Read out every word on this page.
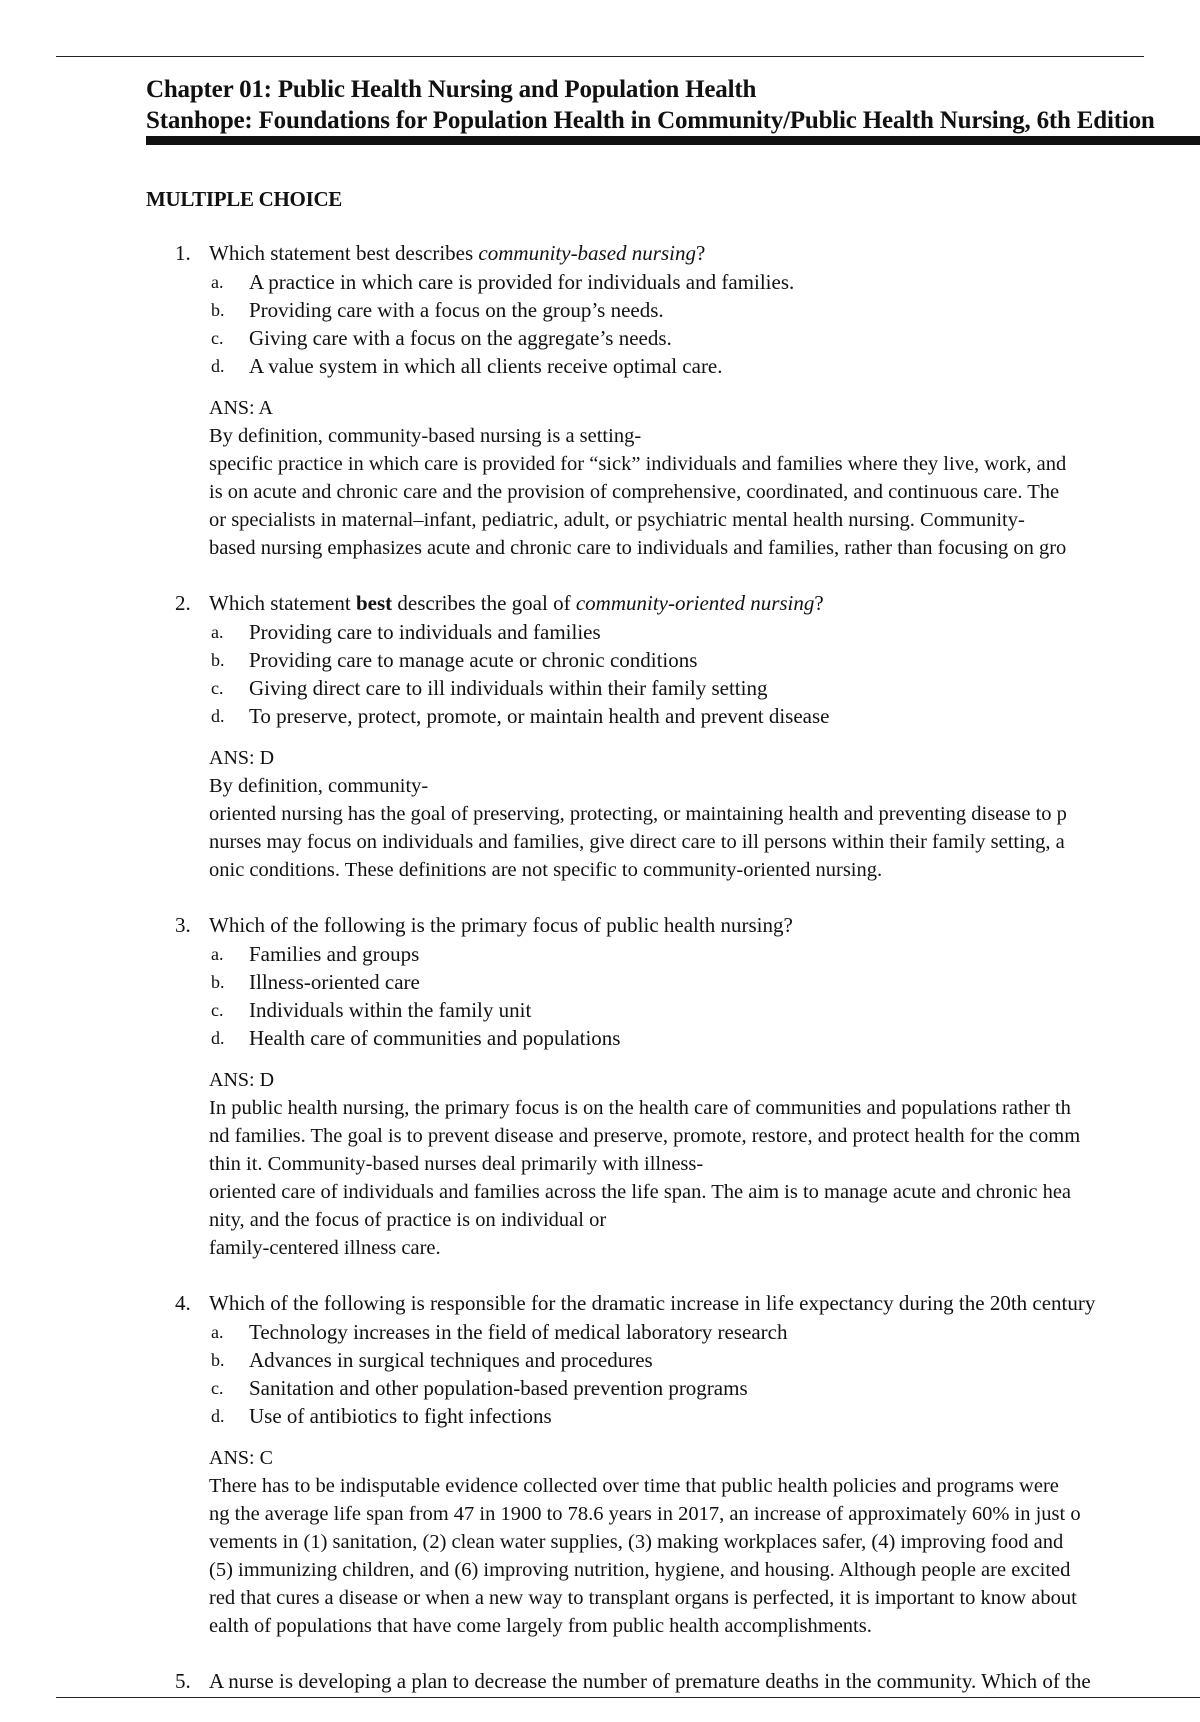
Chapter 01: Public Health Nursing and Population Health
Stanhope: Foundations for Population Health in Community/Public Health Nursing, 6th Edition
MULTIPLE CHOICE
1. Which statement best describes community-based nursing?
a. A practice in which care is provided for individuals and families.
b. Providing care with a focus on the group’s needs.
c. Giving care with a focus on the aggregate’s needs.
d. A value system in which all clients receive optimal care.
ANS: A
By definition, community-based nursing is a setting-
specific practice in which care is provided for “sick” individuals and families where they live, work, and
is on acute and chronic care and the provision of comprehensive, coordinated, and continuous care. The
or specialists in maternal–infant, pediatric, adult, or psychiatric mental health nursing. Community-
based nursing emphasizes acute and chronic care to individuals and families, rather than focusing on gro
2. Which statement best describes the goal of community-oriented nursing?
a. Providing care to individuals and families
b. Providing care to manage acute or chronic conditions
c. Giving direct care to ill individuals within their family setting
d. To preserve, protect, promote, or maintain health and prevent disease
ANS: D
By definition, community-
oriented nursing has the goal of preserving, protecting, or maintaining health and preventing disease to p
nurses may focus on individuals and families, give direct care to ill persons within their family setting, a
onic conditions. These definitions are not specific to community-oriented nursing.
3. Which of the following is the primary focus of public health nursing?
a. Families and groups
b. Illness-oriented care
c. Individuals within the family unit
d. Health care of communities and populations
ANS: D
In public health nursing, the primary focus is on the health care of communities and populations rather th
nd families. The goal is to prevent disease and preserve, promote, restore, and protect health for the comm
thin it. Community-based nurses deal primarily with illness-
oriented care of individuals and families across the life span. The aim is to manage acute and chronic hea
nity, and the focus of practice is on individual or
family-centered illness care.
4. Which of the following is responsible for the dramatic increase in life expectancy during the 20th century
a. Technology increases in the field of medical laboratory research
b. Advances in surgical techniques and procedures
c. Sanitation and other population-based prevention programs
d. Use of antibiotics to fight infections
ANS: C
There has to be indisputable evidence collected over time that public health policies and programs were
ng the average life span from 47 in 1900 to 78.6 years in 2017, an increase of approximately 60% in just o
vements in (1) sanitation, (2) clean water supplies, (3) making workplaces safer, (4) improving food and
(5) immunizing children, and (6) improving nutrition, hygiene, and housing. Although people are excited
red that cures a disease or when a new way to transplant organs is perfected, it is important to know about
ealth of populations that have come largely from public health accomplishments.
5. A nurse is developing a plan to decrease the number of premature deaths in the community. Which of the
